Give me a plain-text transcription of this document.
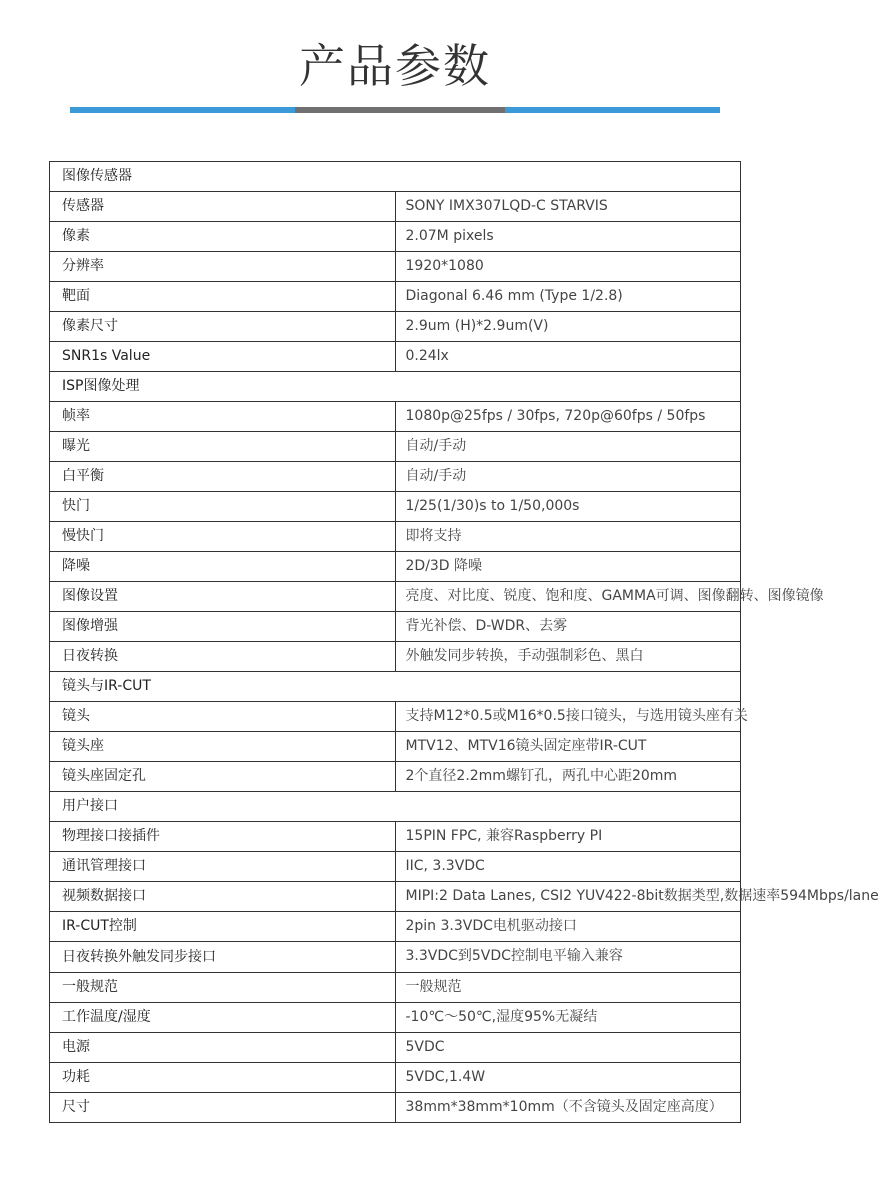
产品参数
图像传感器	
传感器	SONY IMX307LQD-C STARVIS
像素	2.07M pixels
分辨率	1920*1080
靶面	Diagonal 6.46 mm (Type 1/2.8)
像素尺寸	2.9um (H)*2.9um(V)
SNR1s Value	0.24lx
ISP图像处理	
帧率	1080p@25fps / 30fps, 720p@60fps / 50fps
曝光	自动/手动
白平衡	自动/手动
快门	1/25(1/30)s to 1/50,000s
慢快门	即将支持
降噪	2D/3D 降噪
图像设置	亮度、对比度、锐度、饱和度、GAMMA可调、图像翻转、图像镜像
图像增强	背光补偿、D-WDR、去雾
日夜转换	外触发同步转换，手动强制彩色、黑白
镜头与IR-CUT	
镜头	支持M12*0.5或M16*0.5接口镜头，与选用镜头座有关
镜头座	MTV12、MTV16镜头固定座带IR-CUT
镜头座固定孔	2个直径2.2mm螺钉孔，两孔中心距20mm
用户接口	
物理接口接插件	15PIN FPC, 兼容Raspberry PI
通讯管理接口	IIC, 3.3VDC
视频数据接口	MIPI:2 Data Lanes, CSI2 YUV422-8bit数据类型,数据速率594Mbps/lane
IR-CUT控制	2pin 3.3VDC电机驱动接口
日夜转换外触发同步接口	3.3VDC到5VDC控制电平输入兼容
一般规范	一般规范
工作温度/湿度	-10℃～50℃,湿度95%无凝结
电源	5VDC
功耗	5VDC,1.4W
尺寸	38mm*38mm*10mm（不含镜头及固定座高度）
